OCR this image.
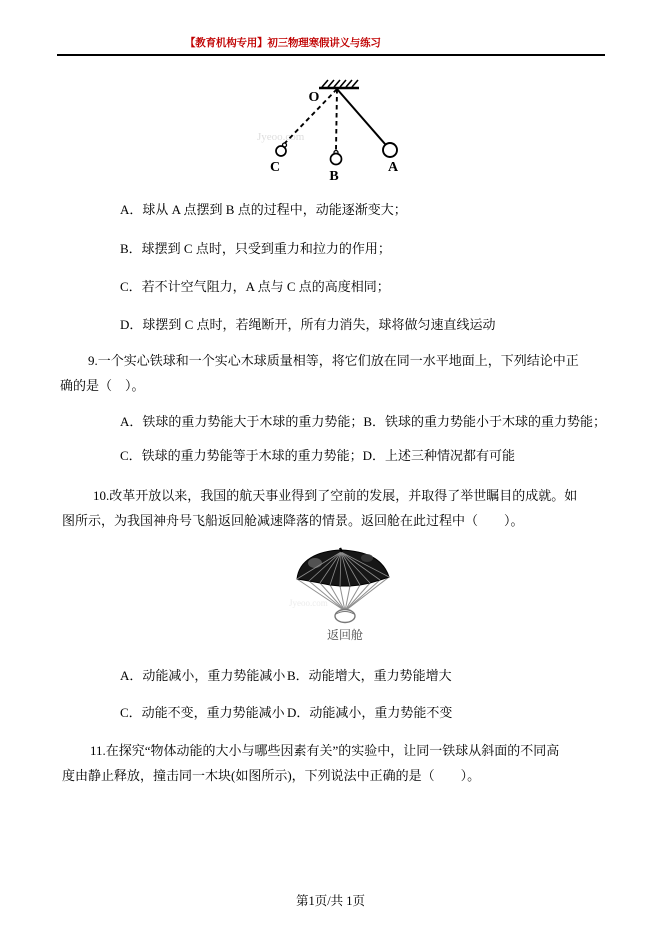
【教育机构专用】初三物理寒假讲义与练习
Jyeoo.com
O
C
B
A
A．球从 A 点摆到 B 点的过程中，动能逐渐变大；
B．球摆到 C 点时，只受到重力和拉力的作用；
C．若不计空气阻力，A 点与 C 点的高度相同；
D．球摆到 C 点时，若绳断开，所有力消失，球将做匀速直线运动
9.一个实心铁球和一个实心木球质量相等，将它们放在同一水平地面上，下列结论中正
确的是（　）。
A．铁球的重力势能大于木球的重力势能；B．铁球的重力势能小于木球的重力势能；
C．铁球的重力势能等于木球的重力势能；D．上述三种情况都有可能
10.改革开放以来，我国的航天事业得到了空前的发展，并取得了举世瞩目的成就。如
图所示，为我国神舟号飞船返回舱减速降落的情景。返回舱在此过程中（　　）。
Jyeoo.com
返回舱
A．动能减小，重力势能减小 B．动能增大，重力势能增大
C．动能不变，重力势能减小 D．动能减小，重力势能不变
11.在探究“物体动能的大小与哪些因素有关”的实验中，让同一铁球从斜面的不同高
度由静止释放，撞击同一木块(如图所示)，下列说法中正确的是（　　）。
第1页/共 1页
